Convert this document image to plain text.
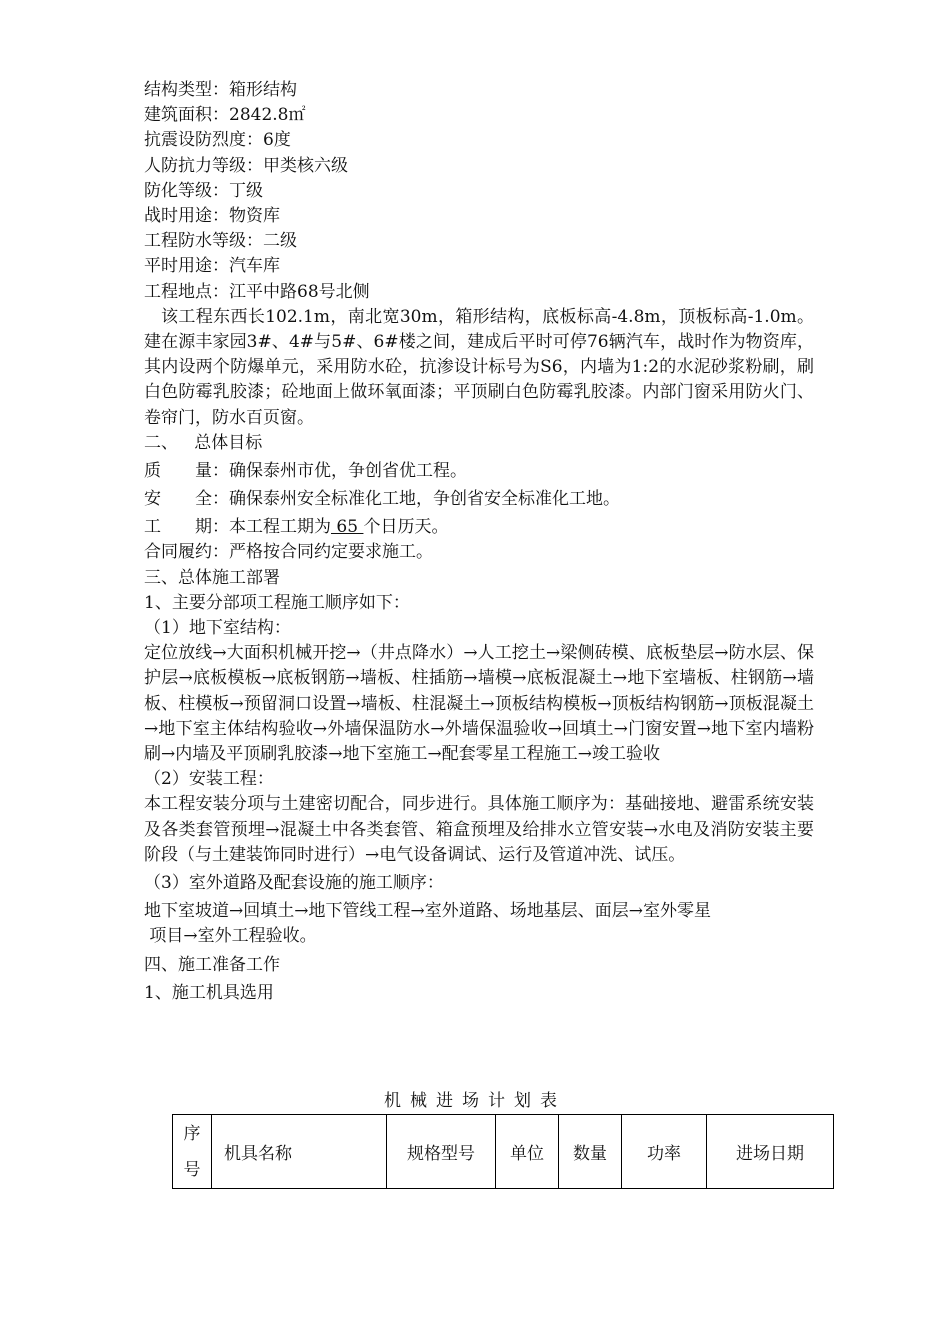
结构类型：箱形结构
建筑面积：2842.8㎡
抗震设防烈度：6度
人防抗力等级：甲类核六级
防化等级：丁级
战时用途：物资库
工程防水等级：二级
平时用途：汽车库
工程地点：江平中路68号北侧
该工程东西长102.1m，南北宽30m，箱形结构，底板标高-4.8m，顶板标高-1.0m。建在源丰家园3#、4#与5#、6#楼之间，建成后平时可停76辆汽车，战时作为物资库，其内设两个防爆单元，采用防水砼，抗渗设计标号为S6，内墙为1:2的水泥砂浆粉刷，刷白色防霉乳胶漆；砼地面上做环氧面漆；平顶刷白色防霉乳胶漆。内部门窗采用防火门、卷帘门，防水百页窗。
二、   总体目标
质 量：确保泰州市优，争创省优工程。
安 全：确保泰州安全标准化工地，争创省安全标准化工地。
工 期：本工程工期为 65 个日历天。
合同履约：严格按合同约定要求施工。
三、总体施工部署
1、主要分部项工程施工顺序如下：
（1）地下室结构：
定位放线→大面积机械开挖→（井点降水）→人工挖土→梁侧砖模、底板垫层→防水层、保护层→底板模板→底板钢筋→墙板、柱插筋→墙模→底板混凝土→地下室墙板、柱钢筋→墙板、柱模板→预留洞口设置→墙板、柱混凝土→顶板结构模板→顶板结构钢筋→顶板混凝土→地下室主体结构验收→外墙保温防水→外墙保温验收→回填土→门窗安置→地下室内墙粉刷→内墙及平顶刷乳胶漆→地下室施工→配套零星工程施工→竣工验收
（2）安装工程：
本工程安装分项与土建密切配合，同步进行。具体施工顺序为：基础接地、避雷系统安装及各类套管预埋→混凝土中各类套管、箱盒预埋及给排水立管安装→水电及消防安装主要阶段（与土建装饰同时进行）→电气设备调试、运行及管道冲洗、试压。
（3）室外道路及配套设施的施工顺序：
地下室坡道→回填土→地下管线工程→室外道路、场地基层、面层→室外零星
项目→室外工程验收。
四、施工准备工作
1、施工机具选用
机械进场计划表
序
号
	机具名称	规格型号	单位	数量	功率	进场日期
